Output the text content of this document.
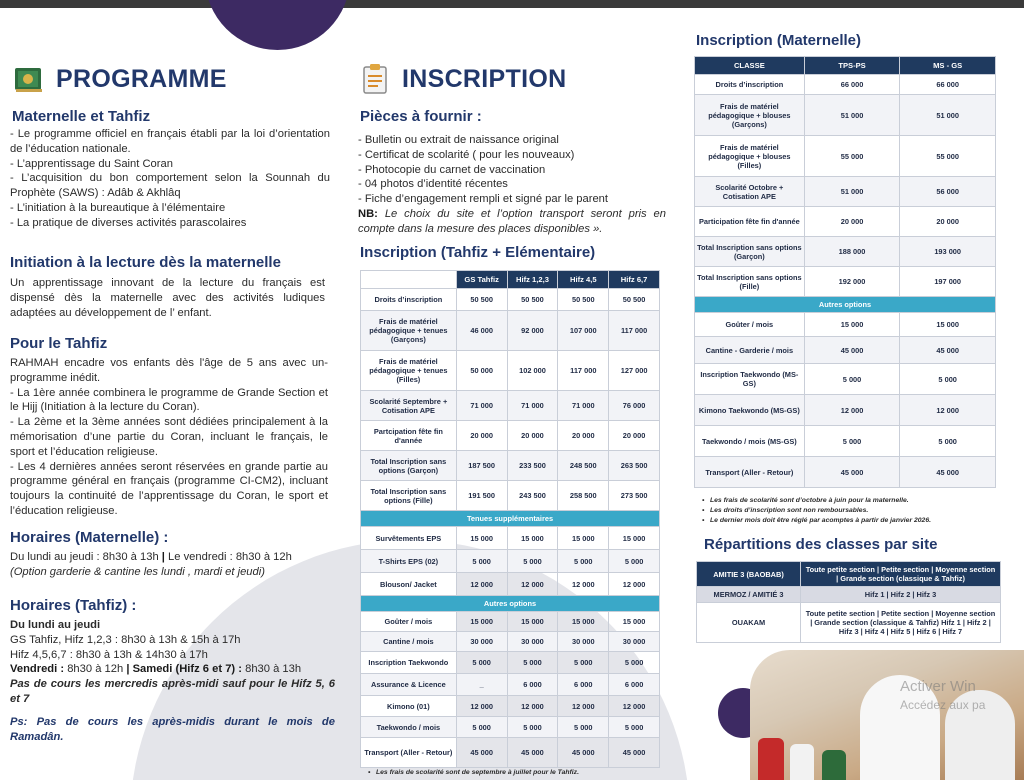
PROGRAMME
Maternelle et Tahfiz
- Le programme officiel en français établi par la loi d’orientation de l’éducation nationale.
- L’apprentissage du Saint Coran
- L’acquisition du bon comportement selon la Sounnah du Prophète (SAWS) : Adâb & Akhlâq
- L’initiation à la bureautique à l’élémentaire
- La pratique de diverses activités parascolaires
Initiation à la lecture dès la maternelle
Un apprentissage innovant de la lecture du français est dispensé dès la maternelle avec des activités ludiques adaptées au développement de l’ enfant.
Pour le Tahfiz
RAHMAH encadre vos enfants dès l'âge de 5 ans avec un-programme inédit.
- La 1ère année combinera le programme de Grande Section et le Hijj (Initiation à la lecture du Coran).
- La 2ème et la 3ème années sont dédiées principalement à la mémorisation d’une partie du Coran, incluant le français, le sport et l’éducation religieuse.
- Les 4 dernières années seront réservées en grande partie au programme général en français (programme CI-CM2), incluant toujours la continuité de l’apprentissage du Coran, le sport et l’éducation religieuse.
Horaires (Maternelle) :
Du lundi au jeudi : 8h30 à 13h | Le vendredi : 8h30 à 12h
(Option garderie & cantine les lundi , mardi et jeudi)
Horaires (Tahfiz) :
Du lundi au jeudi
GS Tahfiz, Hifz 1,2,3 : 8h30 à 13h & 15h à 17h
Hifz 4,5,6,7 : 8h30 à 13h & 14h30 à 17h
Vendredi : 8h30 à 12h | Samedi (Hifz 6 et 7) : 8h30 à 13h
Pas de cours les mercredis après-midi sauf pour le Hifz 5, 6 et 7
Ps: Pas de cours les après-midis durant le mois de Ramadân.
INSCRIPTION
Pièces à fournir :
- Bulletin ou extrait de naissance original
- Certificat de scolarité ( pour les nouveaux)
- Photocopie du carnet de vaccination
- 04 photos d’identité récentes
- Fiche d’engagement rempli et signé par le parent
NB: Le choix du site et l’option transport seront pris en compte dans la mesure des places disponibles ».
Inscription (Tahfiz + Elémentaire)
	GS Tahfiz	Hifz 1,2,3	Hifz 4,5	Hifz 6,7
Droits d’inscription	50 500	50 500	50 500	50 500
Frais de matériel pédagogique + tenues (Garçons)	46 000	92 000	107 000	117 000
Frais de matériel pédagogique + tenues (Filles)	50 000	102 000	117 000	127 000
Scolarité Septembre + Cotisation APE	71 000	71 000	71 000	76 000
Partcipation fête fin d'année	20 000	20 000	20 000	20 000
Total Inscription sans options (Garçon)	187 500	233 500	248 500	263 500
Total Inscription sans options (Fille)	191 500	243 500	258 500	273 500
Tenues supplémentaires				
Survêtements EPS	15 000	15 000	15 000	15 000
T-Shirts EPS (02)	5 000	5 000	5 000	5 000
Blouson/ Jacket	12 000	12 000	12 000	12 000
Autres options				
Goûter / mois	15 000	15 000	15 000	15 000
Cantine / mois	30 000	30 000	30 000	30 000
Inscription Taekwondo	5 000	5 000	5 000	5 000
Assurance & Licence	_	6 000	6 000	6 000
Kimono (01)	12 000	12 000	12 000	12 000
Taekwondo / mois	5 000	5 000	5 000	5 000
Transport (Aller - Retour)	45 000	45 000	45 000	45 000
• Les frais de scolarité sont de septembre à juillet pour le Tahfiz.
Inscription (Maternelle)
CLASSE	TPS-PS	MS - GS
Droits d’inscription	66 000	66 000
Frais de matériel pédagogique + blouses (Garçons)	51 000	51 000
Frais de matériel pédagogique + blouses (Filles)	55 000	55 000
Scolarité Octobre + Cotisation APE	51 000	56 000
Participation fête fin d'année	20 000	20 000
Total Inscription sans options (Garçon)	188 000	193 000
Total Inscription sans options (Fille)	192 000	197 000
Autres options		
Goûter / mois	15 000	15 000
Cantine - Garderie / mois	45 000	45 000
Inscription Taekwondo (MS-GS)	5 000	5 000
Kimono Taekwondo (MS-GS)	12 000	12 000
Taekwondo / mois (MS-GS)	5 000	5 000
Transport (Aller - Retour)	45 000	45 000
• Les frais de scolarité sont d’octobre à juin pour la maternelle.
• Les droits d’inscription sont non remboursables.
• Le dernier mois doit être réglé par acomptes à partir de janvier 2026.
Répartitions des classes par site
AMITIE 3 (BAOBAB)	Toute petite section | Petite section | Moyenne section | Grande section (classique & Tahfiz)
MERMOZ / AMITIÉ 3	Hifz 1 | Hifz 2 | Hifz 3
OUAKAM	Toute petite section | Petite section | Moyenne section | Grande section (classique & Tahfiz) Hifz 1 | Hifz 2 | Hifz 3 | Hifz 4 | Hifz 5 | Hifz 6 | Hifz 7
Activer Win
Accédez aux pa
